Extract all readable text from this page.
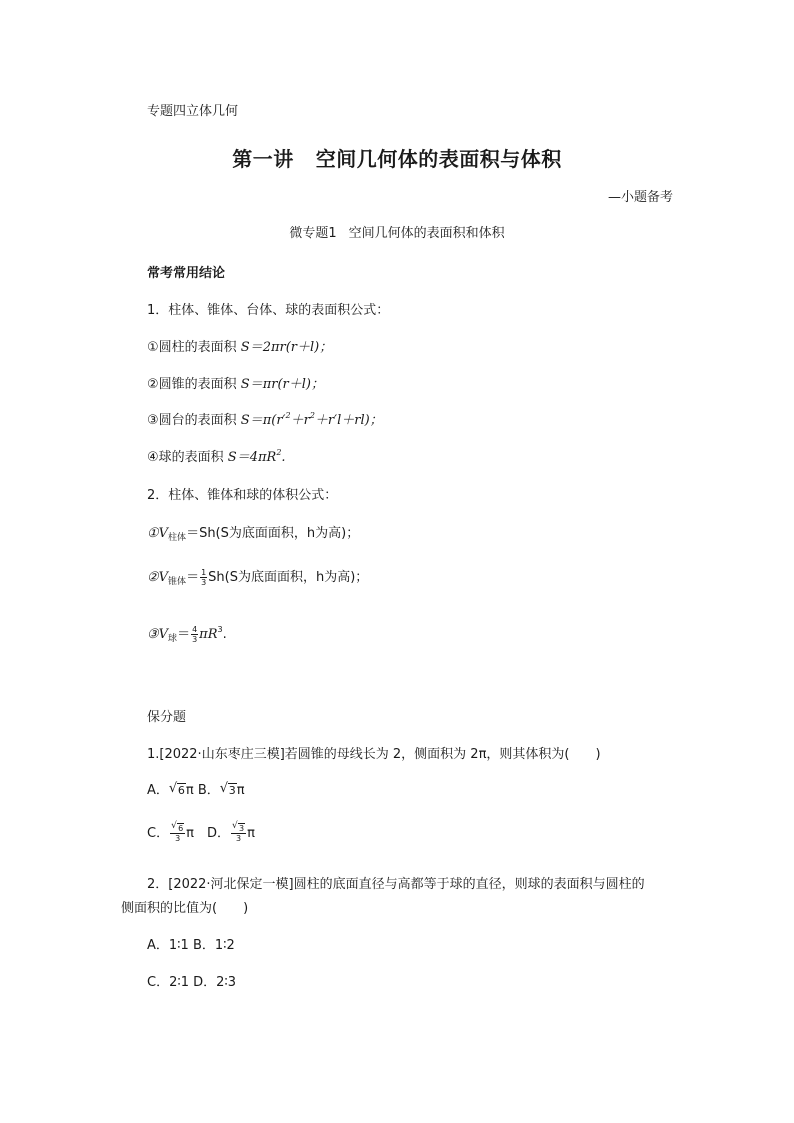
专题四立体几何
第一讲 空间几何体的表面积与体积
—小题备考
微专题1 空间几何体的表面积和体积
常考常用结论
1．柱体、锥体、台体、球的表面积公式：
①圆柱的表面积 S＝2πr(r＋l)；
②圆锥的表面积 S＝πr(r＋l)；
③圆台的表面积 $S=\pi(r'^2+r^2+r'l+rl)$；
④球的表面积 $S=4\pi R^2$.
2．柱体、锥体和球的体积公式：
$①V_{柱体}=Sh(S$为底面面积，h为高)；
$②V_{锥体}= \frac{1}{3} Sh(S$为底面面积，h为高)；
$③V_球= \frac{4}{3} \pi R^3$.
保分题
1.[2022·山东枣庄三模]若圆锥的母线长为 2，侧面积为 2π，则其体积为(　　)
A． √ 6π B． √ 3π
C． $\frac{√ 6}{3}$ π　 D． $\frac{√ 3}{3}$ π
2．[2022·河北保定一模]圆柱的底面直径与高都等于球的直径，则球的表面积与圆柱的
侧面积的比值为(　　)
A．1∶1 B．1∶2
C．2∶1 D．2∶3
